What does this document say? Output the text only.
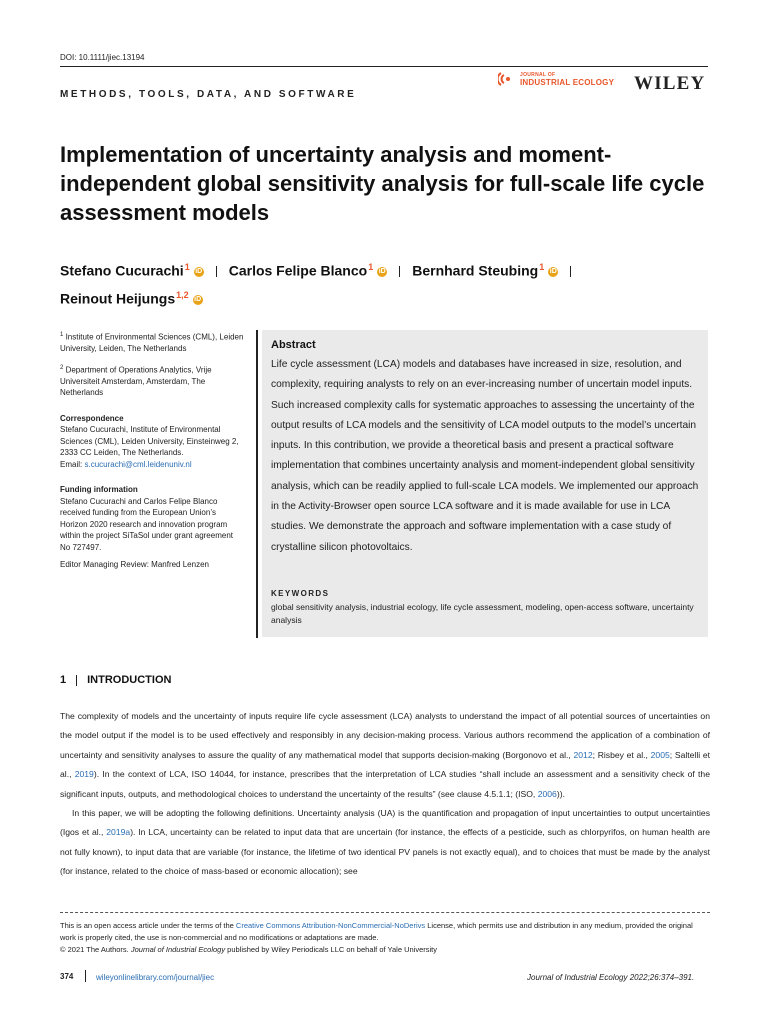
DOI: 10.1111/jiec.13194
METHODS, TOOLS, DATA, AND SOFTWARE
JOURNAL OF
INDUSTRIAL ECOLOGY WILEY
Implementation of uncertainty analysis and moment-independent global sensitivity analysis for full-scale life cycle assessment models
Stefano Cucurachi$^1$ iD Carlos Felipe Blanco$^1$ iD Bernhard Steubing$^1$ iD
Reinout Heijungs$^{1,2}$ iD

$^1$ Institute of Environmental Sciences (CML), Leiden University, Leiden, The Netherlands

$^2$ Department of Operations Analytics, Vrije Universiteit Amsterdam, Amsterdam, The Netherlands

Correspondence

Stefano Cucurachi, Institute of Environmental Sciences (CML), Leiden University, Einsteinweg 2, 2333 CC Leiden, The Netherlands.

Email: s.cucurachi@cml.leidenuniv.nl

Funding information

Stefano Cucurachi and Carlos Felipe Blanco received funding from the European Union’s Horizon 2020 research and innovation program within the project SiTaSol under grant agreement No 727497.

Editor Managing Review: Manfred Lenzen

Abstract
Life cycle assessment (LCA) models and databases have increased in size, resolution, and complexity, requiring analysts to rely on an ever-increasing number of uncertain model inputs. Such increased complexity calls for systematic approaches to assessing the uncertainty of the output results of LCA models and the sensitivity of LCA model outputs to the model’s uncertain inputs. In this contribution, we provide a theoretical basis and present a practical software implementation that combines uncertainty analysis and moment-independent global sensitivity analysis, which can be readily applied to full-scale LCA models. We implemented our approach in the Activity-Browser open source LCA software and it is made available for use in LCA studies. We demonstrate the approach and software implementation with a case study of crystalline silicon photovoltaics.
KEYWORDS
global sensitivity analysis, industrial ecology, life cycle assessment, modeling, open-access software, uncertainty analysis
1 INTRODUCTION

The complexity of models and the uncertainty of inputs require life cycle assessment (LCA) analysts to understand the impact of all potential sources of uncertainties on the model output if the model is to be used effectively and responsibly in any decision-making process. Various authors recommend the application of a combination of uncertainty and sensitivity analyses to assure the quality of any mathematical model that supports decision-making (Borgonovo et al., 2012; Risbey et al., 2005; Saltelli et al., 2019). In the context of LCA, ISO 14044, for instance, prescribes that the interpretation of LCA studies “shall include an assessment and a sensitivity check of the significant inputs, outputs, and methodological choices to understand the uncertainty of the results” (see clause 4.5.1.1; (ISO, 2006)).

In this paper, we will be adopting the following definitions. Uncertainty analysis (UA) is the quantification and propagation of input uncertainties to output uncertainties (Igos et al., 2019a). In LCA, uncertainty can be related to input data that are uncertain (for instance, the effects of a pesticide, such as chlorpyrifos, on human health are not fully known), to input data that are variable (for instance, the lifetime of two identical PV panels is not exactly equal), and to choices that must be made by the analyst (for instance, related to the choice of mass-based or economic allocation); see

This is an open access article under the terms of the Creative Commons Attribution-NonCommercial-NoDerivs License, which permits use and distribution in any medium, provided the original work is properly cited, the use is non-commercial and no modifications or adaptations are made.
© 2021 The Authors. Journal of Industrial Ecology published by Wiley Periodicals LLC on behalf of Yale University
374	wileyonlinelibrary.com/journal/jiec	Journal of Industrial Ecology 2022;26:374–391.
